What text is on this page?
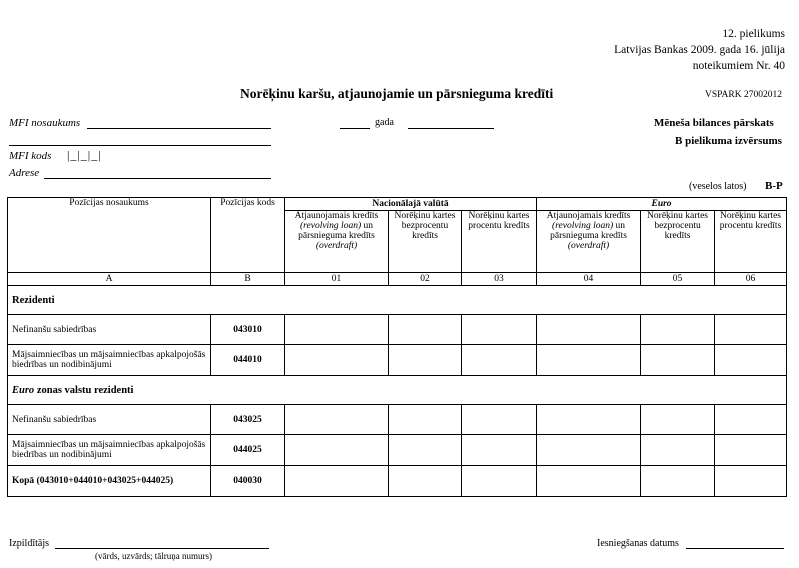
12. pielikums
Latvijas Bankas 2009. gada 16. jūlija
noteikumiem Nr. 40
Norēķinu karšu, atjaunojamie un pārsnieguma kredīti	VSPARK 27002012
MFI nosaukums	gada	Mēneša bilances pārskats
B pielikuma izvērsums
MFI kods |_|_|_|
Adrese
(veselos latos) B-P
Pozīcijas nosaukums	Pozīcijas kods	Nacionālajā valūtā			Euro		
		Atjaunojamais kredīts
(revolving loan) un
pārsnieguma kredīts
(overdraft)	Norēķinu kartes bezprocentu kredīts	Norēķinu kartes procentu kredīts	Atjaunojamais kredīts
(revolving loan) un
pārsnieguma kredīts
(overdraft)	Norēķinu kartes bezprocentu kredīts	Norēķinu kartes procentu kredīts
A	B	01	02	03	04	05	06
Rezidenti							
Nefinanšu sabiedrības	043010						
Mājsaimniecības un mājsaimniecības apkalpojošās biedrības un nodibinājumi	044010						
Euro zonas valstu rezidenti							
Nefinanšu sabiedrības	043025						
Mājsaimniecības un mājsaimniecības apkalpojošās biedrības un nodibinājumi	044025						
Kopā (043010+044010+043025+044025)	040030						
Izpildītājs
(vārds, uzvārds; tālruņa numurs)
Iesniegšanas datums
